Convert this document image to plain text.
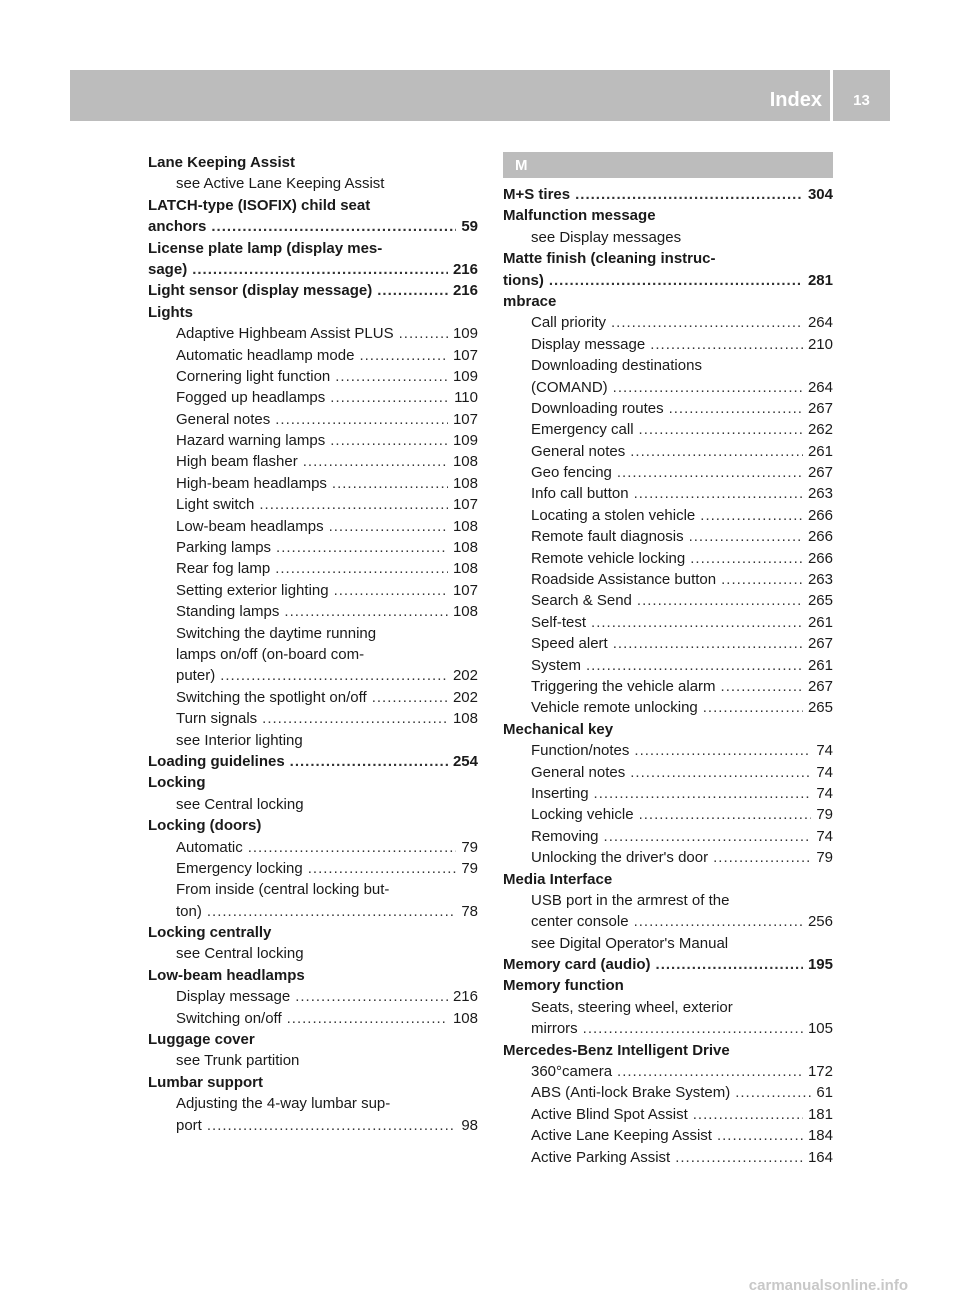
Index	13
Lane Keeping Assist
see Active Lane Keeping Assist
LATCH-type (ISOFIX) child seat
anchors .....	59
License plate lamp (display mes-
sage) .....	216
Light sensor (display message) .....	216
Lights
Adaptive Highbeam Assist PLUS .....	109
Automatic headlamp mode .....	107
Cornering light function .....	109
Fogged up headlamps .....	110
General notes .....	107
Hazard warning lamps .....	109
High beam flasher .....	108
High-beam headlamps .....	108
Light switch .....	107
Low-beam headlamps .....	108
Parking lamps .....	108
Rear fog lamp .....	108
Setting exterior lighting .....	107
Standing lamps .....	108
Switching the daytime running
lamps on/off (on-board com-
puter) .....	202
Switching the spotlight on/off .....	202
Turn signals .....	108
see Interior lighting
Loading guidelines .....	254
Locking
see Central locking
Locking (doors)
Automatic .....	79
Emergency locking .....	79
From inside (central locking but-
ton) .....	78
Locking centrally
see Central locking
Low-beam headlamps
Display message .....	216
Switching on/off .....	108
Luggage cover
see Trunk partition
Lumbar support
Adjusting the 4-way lumbar sup-
port .....	98
M
M+S tires .....	304
Malfunction message
see Display messages
Matte finish (cleaning instruc-
tions) .....	281
mbrace
Call priority .....	264
Display message .....	210
Downloading destinations
(COMAND) .....	264
Downloading routes .....	267
Emergency call .....	262
General notes .....	261
Geo fencing .....	267
Info call button .....	263
Locating a stolen vehicle .....	266
Remote fault diagnosis .....	266
Remote vehicle locking .....	266
Roadside Assistance button .....	263
Search & Send .....	265
Self-test .....	261
Speed alert .....	267
System .....	261
Triggering the vehicle alarm .....	267
Vehicle remote unlocking .....	265
Mechanical key
Function/notes .....	74
General notes .....	74
Inserting .....	74
Locking vehicle .....	79
Removing .....	74
Unlocking the driver's door .....	79
Media Interface
USB port in the armrest of the
center console .....	256
see Digital Operator's Manual
Memory card (audio) .....	195
Memory function
Seats, steering wheel, exterior
mirrors .....	105
Mercedes-Benz Intelligent Drive
360°camera .....	172
ABS (Anti-lock Brake System) .....	61
Active Blind Spot Assist .....	181
Active Lane Keeping Assist .....	184
Active Parking Assist .....	164
carmanualsonline.info
